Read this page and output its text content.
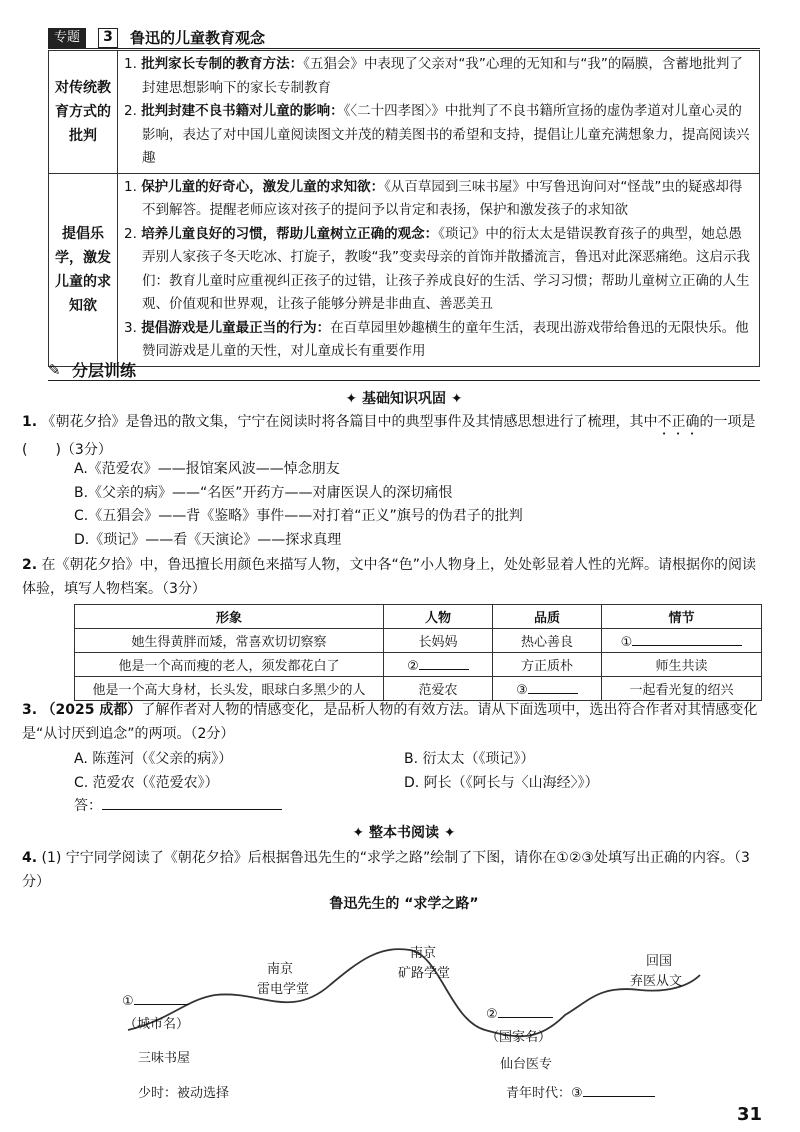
专题	3	鲁迅的儿童教育观念
对传统教育方式的批判	1. 批判家长专制的教育方法：《五猖会》中表现了父亲对“我”心理的无知和与“我”的隔膜，含蓄地批判了封建思想影响下的家长专制教育
2. 批判封建不良书籍对儿童的影响：《〈二十四孝图〉》中批判了不良书籍所宣扬的虚伪孝道对儿童心灵的影响，表达了对中国儿童阅读图文并茂的精美图书的希望和支持，提倡让儿童充满想象力，提高阅读兴趣

提倡乐学，激发儿童的求知欲	1. 保护儿童的好奇心，激发儿童的求知欲：《从百草园到三味书屋》中写鲁迅询问对“怪哉”虫的疑惑却得不到解答。提醒老师应该对孩子的提问予以肯定和表扬，保护和激发孩子的求知欲
2. 培养儿童良好的习惯，帮助儿童树立正确的观念：《琐记》中的衍太太是错误教育孩子的典型，她总愚弄别人家孩子冬天吃冰、打旋子，教唆“我”变卖母亲的首饰并散播流言，鲁迅对此深恶痛绝。这启示我们：教育儿童时应重视纠正孩子的过错，让孩子养成良好的生活、学习习惯；帮助儿童树立正确的人生观、价值观和世界观，让孩子能够分辨是非曲直、善恶美丑
3. 提倡游戏是儿童最正当的行为：在百草园里妙趣横生的童年生活，表现出游戏带给鲁迅的无限快乐。他赞同游戏是儿童的天性，对儿童成长有重要作用
✎ 分层训练
✦ 基础知识巩固 ✦
1. 《朝花夕拾》是鲁迅的散文集，宁宁在阅读时将各篇目中的典型事件及其情感思想进行了梳理，其中不正确的一项是(　　)（3分）
A.《范爱农》——报馆案风波——悼念朋友
B.《父亲的病》——“名医”开药方——对庸医误人的深切痛恨
C.《五猖会》——背《鉴略》事件——对打着“正义”旗号的伪君子的批判
D.《琐记》——看《天演论》——探求真理
2. 在《朝花夕拾》中，鲁迅擅长用颜色来描写人物，文中各“色”小人物身上，处处彰显着人性的光辉。请根据你的阅读体验，填写人物档案。（3分）
形象	人物	品质	情节
她生得黄胖而矮，常喜欢切切察察	长妈妈	热心善良	①
他是一个高而瘦的老人，须发都花白了	②	方正质朴	师生共读
他是一个高大身材，长头发，眼球白多黑少的人	范爱农	③	一起看光复的绍兴
3. （2025 成都）了解作者对人物的情感变化，是品析人物的有效方法。请从下面选项中，选出符合作者对其情感变化是“从讨厌到追念”的两项。（2分）
A. 陈莲河（《父亲的病》）	B. 衍太太（《琐记》）
C. 范爱农（《范爱农》）	D. 阿长（《阿长与〈山海经〉》）
答：
✦ 整本书阅读 ✦
4. (1) 宁宁同学阅读了《朝花夕拾》后根据鲁迅先生的“求学之路”绘制了下图，请你在①②③处填写出正确的内容。（3分）
鲁迅先生的 “求学之路”
①
（城市名）
三味书屋
南京
雷电学堂
南京
矿路学堂
②
（国家名）
仙台医专
回国
弃医从文
少时：被动选择	青年时代：③
31
